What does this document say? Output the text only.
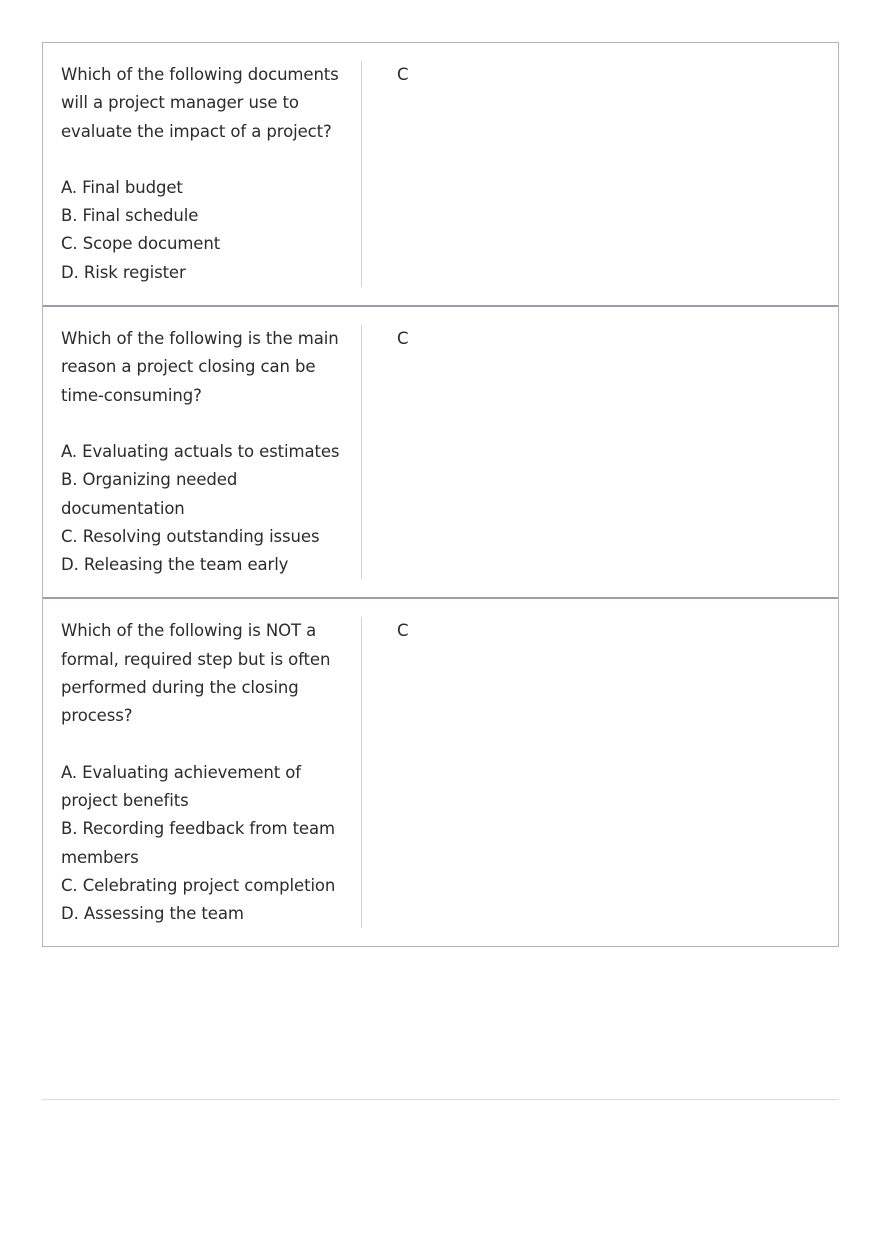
Which of the following documents will a project manager use to evaluate the impact of a project?

A. Final budget

B. Final schedule

C. Scope document

D. Risk register

C

Which of the following is the main reason a project closing can be time-consuming?

A. Evaluating actuals to estimates

B. Organizing needed documentation

C. Resolving outstanding issues

D. Releasing the team early

C

Which of the following is NOT a formal, required step but is often performed during the closing process?

A. Evaluating achievement of project benefits

B. Recording feedback from team members

C. Celebrating project completion

D. Assessing the team

C
